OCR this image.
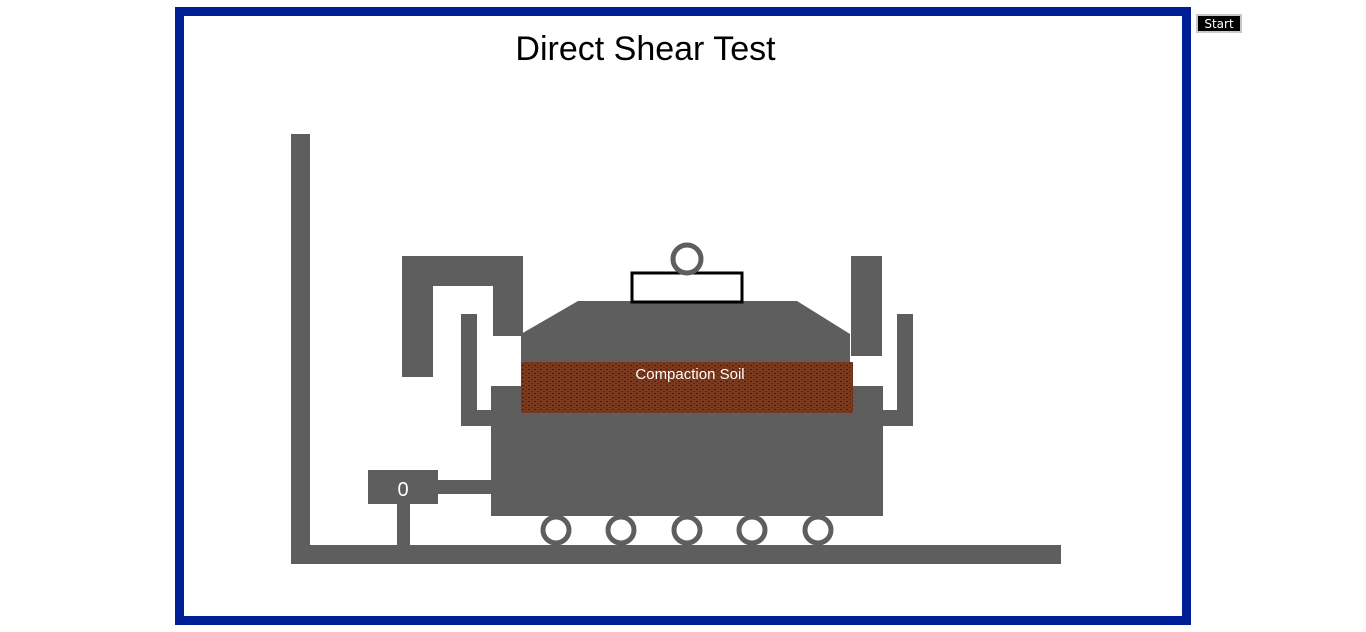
Direct Shear Test
Start
Compaction Soil
0
